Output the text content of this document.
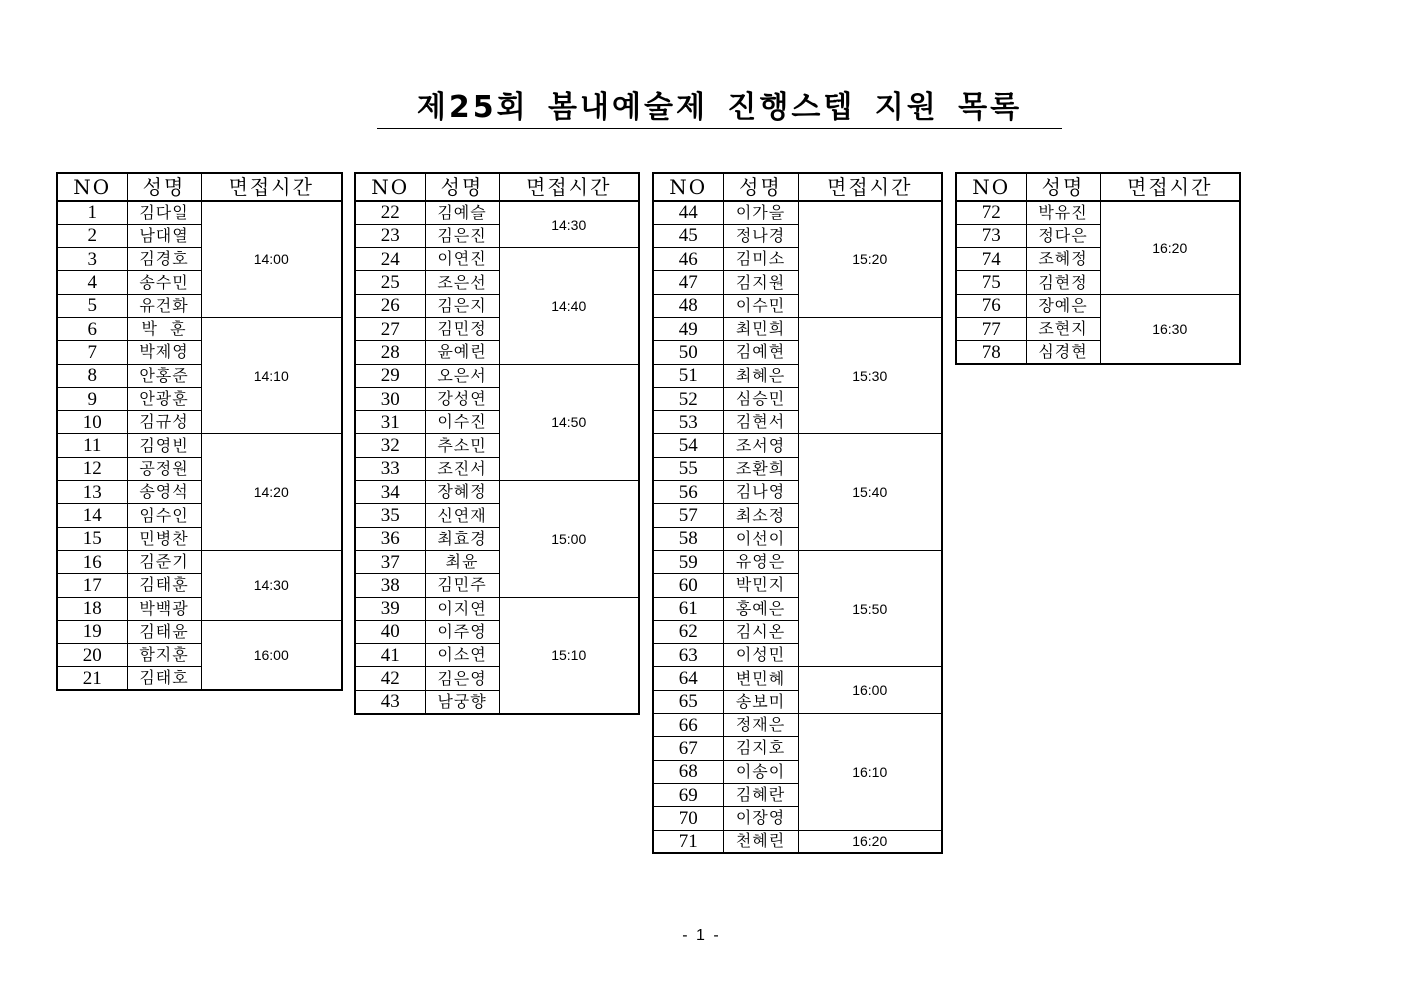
제25회 봄내예술제 진행스텝 지원 목록
NO	성명	면접시간
1	김다일	14:00
2	남대열	
3	김경호	
4	송수민	
5	유건화	
6	박  훈	14:10
7	박제영	
8	안홍준	
9	안광훈	
10	김규성	
11	김영빈	14:20
12	공정원	
13	송영석	
14	임수인	
15	민병찬	
16	김준기	14:30
17	김태훈	
18	박백광	
19	김태윤	16:00
20	함지훈	
21	김태호	
NO	성명	면접시간
22	김예슬	14:30
23	김은진	
24	이연진	14:40
25	조은선	
26	김은지	
27	김민정	
28	윤예린	
29	오은서	14:50
30	강성연	
31	이수진	
32	추소민	
33	조진서	
34	장혜정	15:00
35	신연재	
36	최효경	
37	최윤	
38	김민주	
39	이지연	15:10
40	이주영	
41	이소연	
42	김은영	
43	남궁향	
NO	성명	면접시간
44	이가을	15:20
45	정나경	
46	김미소	
47	김지원	
48	이수민	
49	최민희	15:30
50	김예현	
51	최혜은	
52	심승민	
53	김현서	
54	조서영	15:40
55	조환희	
56	김나영	
57	최소정	
58	이선이	
59	유영은	15:50
60	박민지	
61	홍예은	
62	김시온	
63	이성민	
64	변민혜	16:00
65	송보미	
66	정재은	16:10
67	김지호	
68	이송이	
69	김혜란	
70	이장영	
71	천혜린	16:20
NO	성명	면접시간
72	박유진	16:20
73	정다은	
74	조혜정	
75	김현정	
76	장예은	16:30
77	조현지	
78	심경현	
- 1 -
